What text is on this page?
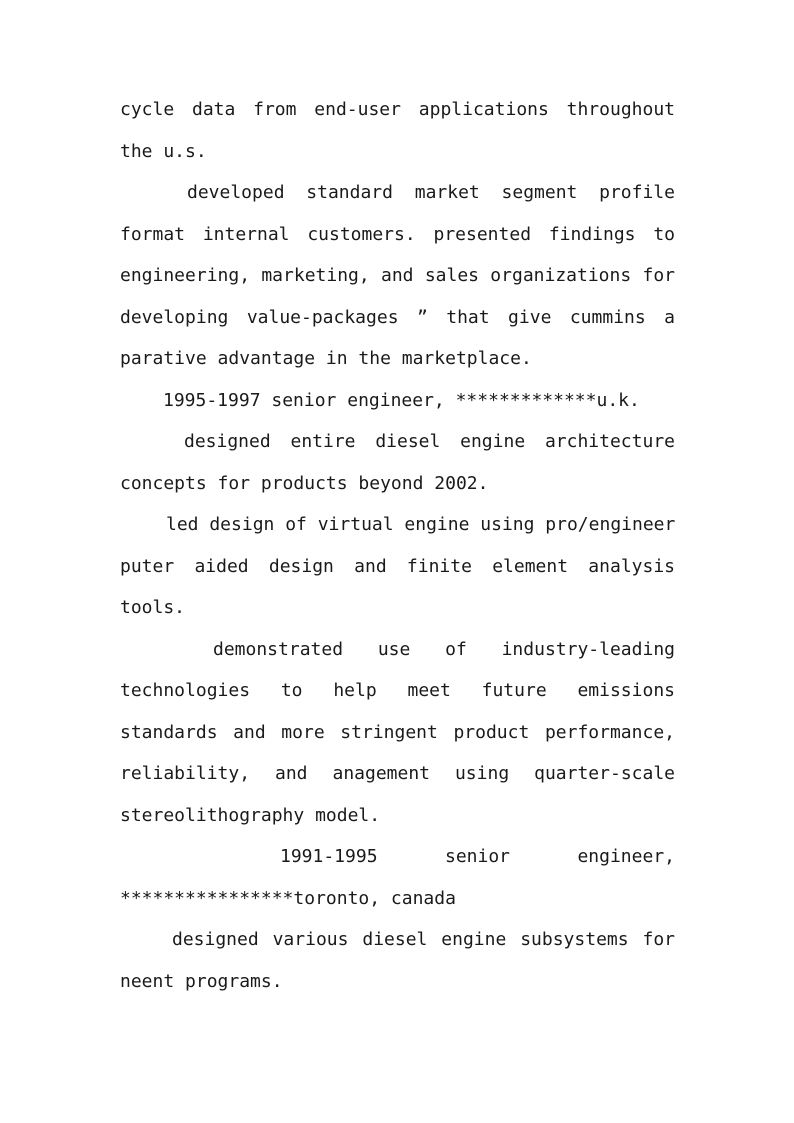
cycle data from end-user applications throughout
the u.s.
developed standard market segment profile
format internal customers. presented findings to
engineering, marketing, and sales organizations for
developing value-packages ” that give cummins a
parative advantage in the marketplace.
1995-1997 senior engineer, *************u.k.
designed entire diesel engine architecture
concepts for products beyond 2002.
led design of virtual engine using pro/engineer
puter aided design and finite element analysis
tools.
demonstrated use of industry-leading
technologies to help meet future emissions
standards and more stringent product performance,
reliability, and anagement using quarter-scale
stereolithography model.
1991-1995 senior engineer,
****************toronto, canada
designed various diesel engine subsystems for
neent programs.
